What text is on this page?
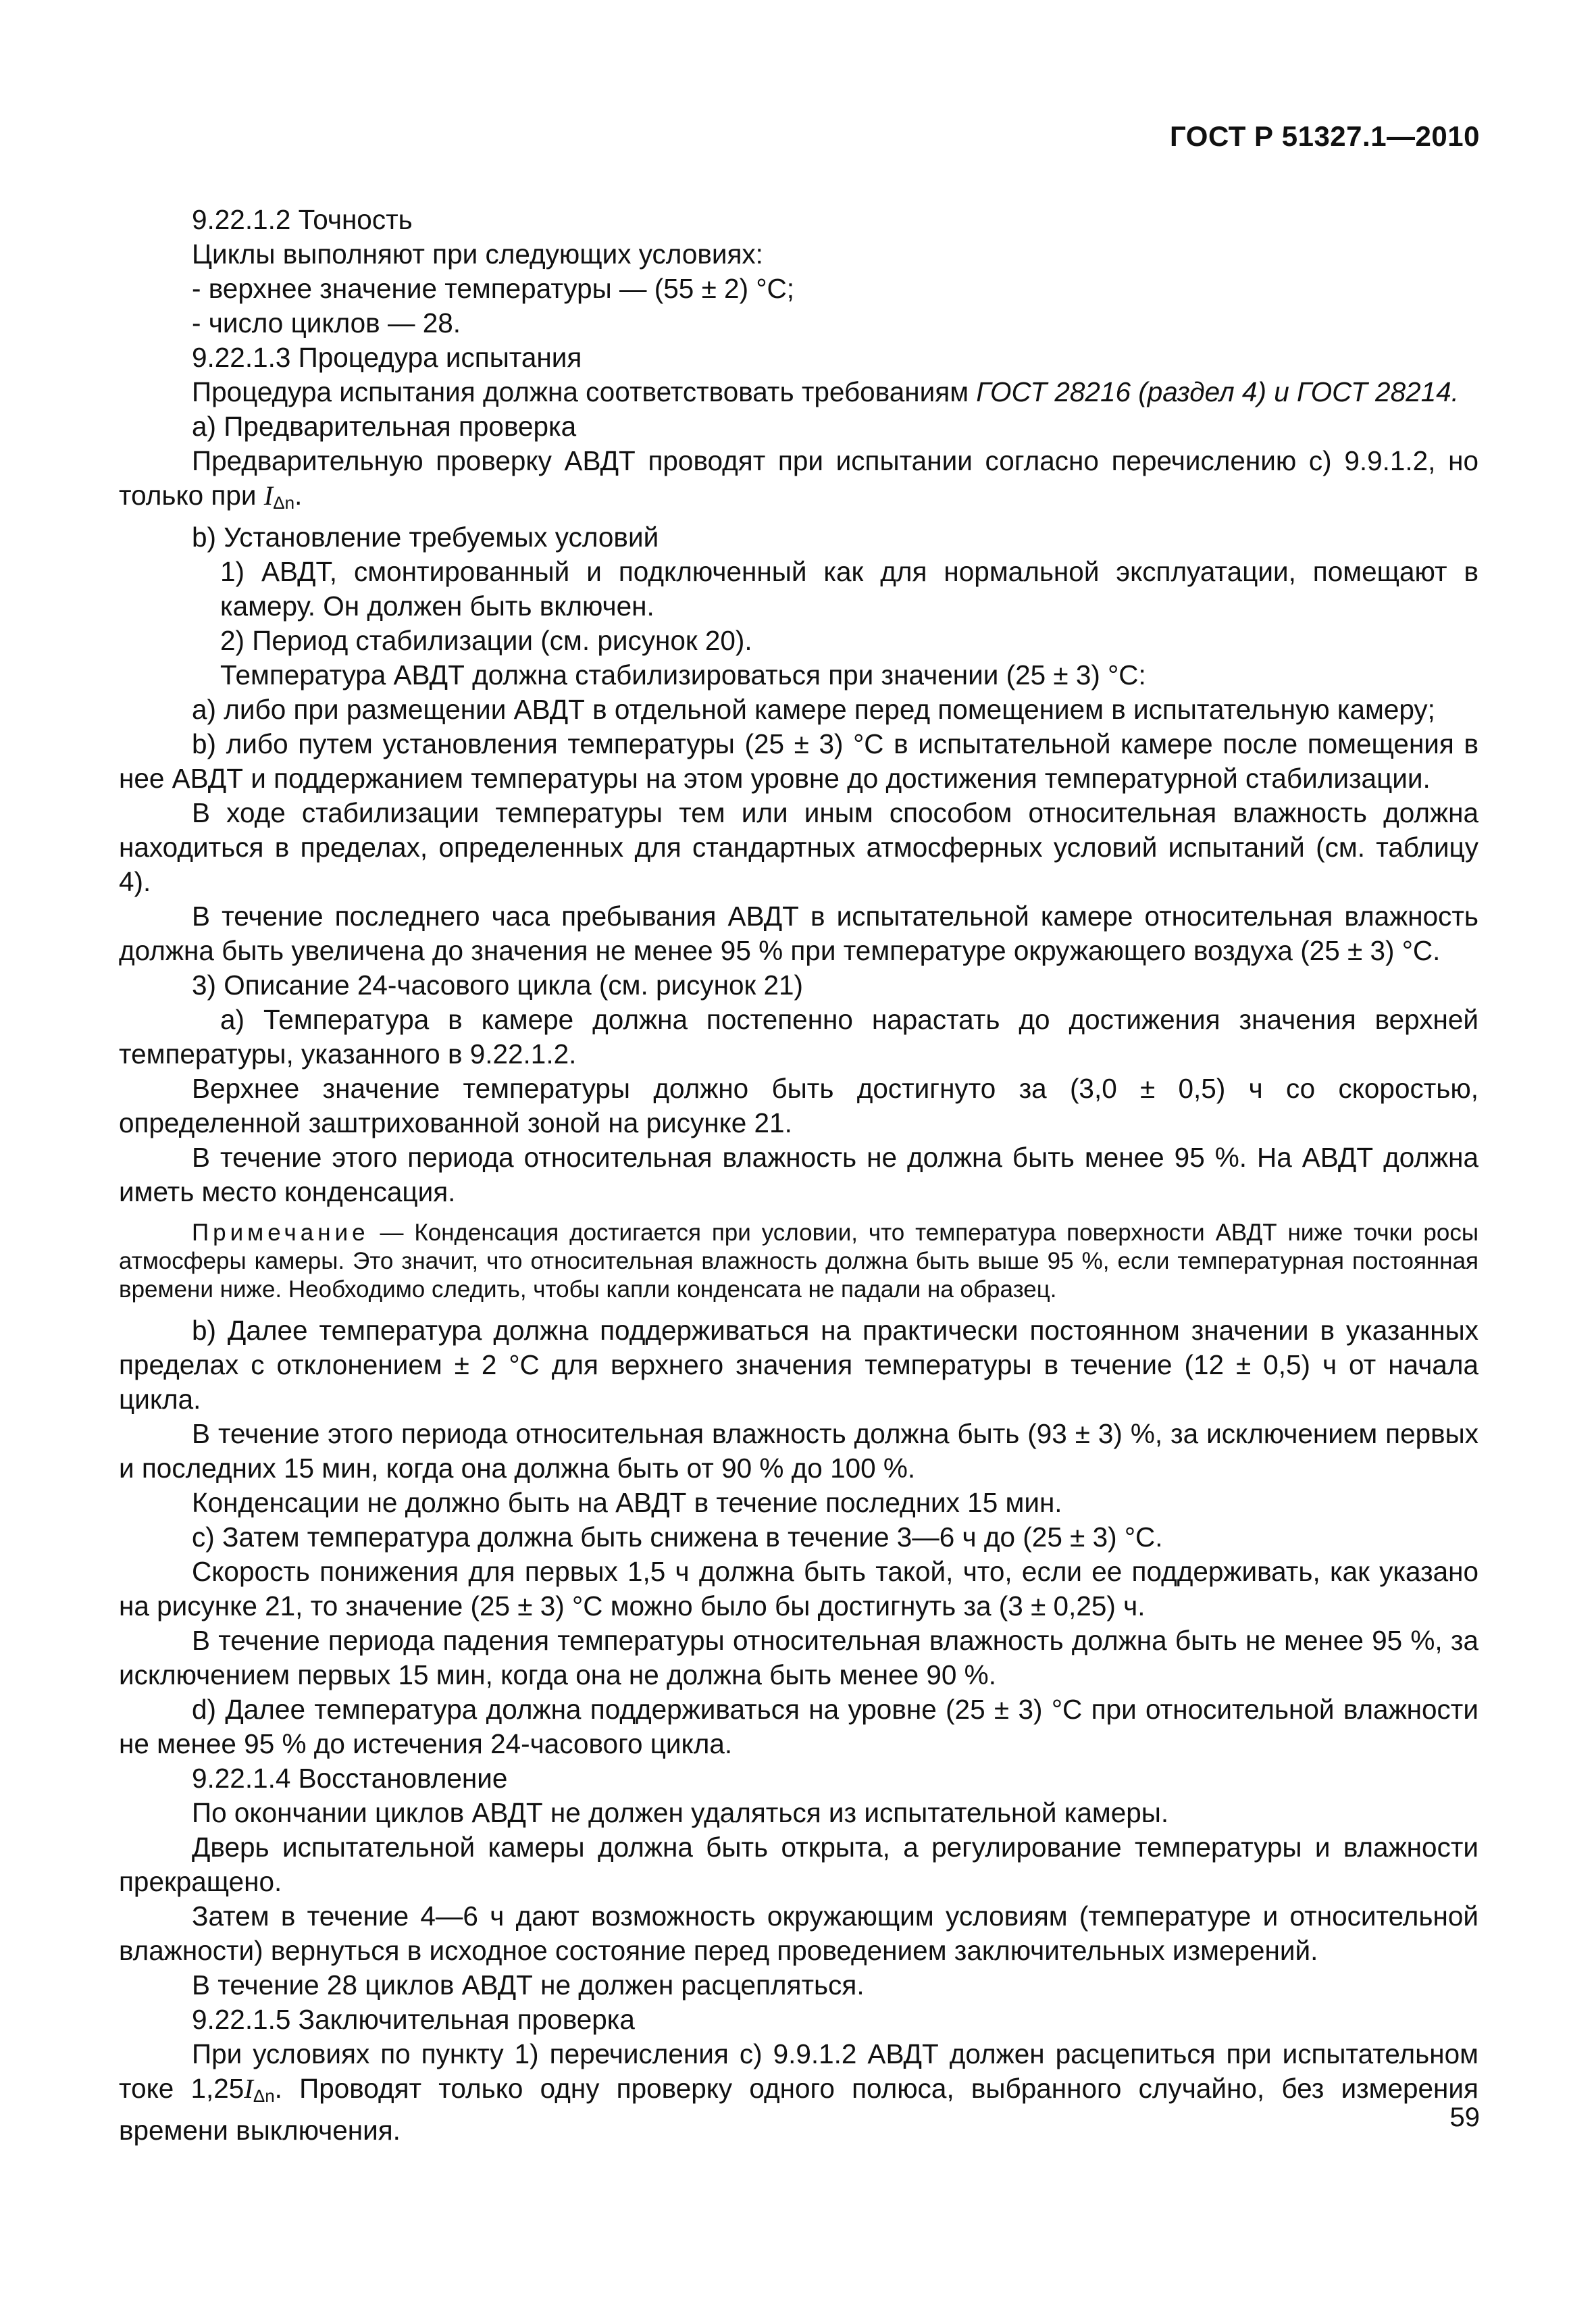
ГОСТ Р 51327.1—2010

9.22.1.2 Точность

Циклы выполняют при следующих условиях:

- верхнее значение температуры — (55 ± 2) °С;

- число циклов — 28.

9.22.1.3 Процедура испытания

Процедура испытания должна соответствовать требованиям ГОСТ 28216 (раздел 4) и ГОСТ 28214.

а) Предварительная проверка

Предварительную проверку АВДТ проводят при испытании согласно перечислению с) 9.9.1.2, но только при $I_{\Delta n}$.

b) Установление требуемых условий

1) АВДТ, смонтированный и подключенный как для нормальной эксплуатации, помещают в камеру. Он должен быть включен.

2) Период стабилизации (см. рисунок 20).

Температура АВДТ должна стабилизироваться при значении (25 ± 3) °С:

а) либо при размещении АВДТ в отдельной камере перед помещением в испытательную камеру;

b) либо путем установления температуры (25 ± 3) °С в испытательной камере после помещения в нее АВДТ и поддержанием температуры на этом уровне до достижения температурной стабилизации.

В ходе стабилизации температуры тем или иным способом относительная влажность должна находиться в пределах, определенных для стандартных атмосферных условий испытаний (см. таблицу 4).

В течение последнего часа пребывания АВДТ в испытательной камере относительная влажность должна быть увеличена до значения не менее 95 % при температуре окружающего воздуха (25 ± 3) °С.

3) Описание 24-часового цикла (см. рисунок 21)

а) Температура в камере должна постепенно нарастать до достижения значения верхней температуры, указанного в 9.22.1.2.

Верхнее значение температуры должно быть достигнуто за (3,0 ± 0,5) ч со скоростью, определенной заштрихованной зоной на рисунке 21.

В течение этого периода относительная влажность не должна быть менее 95 %. На АВДТ должна иметь место конденсация.

Примечание — Конденсация достигается при условии, что температура поверхности АВДТ ниже точки росы атмосферы камеры. Это значит, что относительная влажность должна быть выше 95 %, если температурная постоянная времени ниже. Необходимо следить, чтобы капли конденсата не падали на образец.

b) Далее температура должна поддерживаться на практически постоянном значении в указанных пределах с отклонением ± 2 °С для верхнего значения температуры в течение (12 ± 0,5) ч от начала цикла.

В течение этого периода относительная влажность должна быть (93 ± 3) %, за исключением первых и последних 15 мин, когда она должна быть от 90 % до 100 %.

Конденсации не должно быть на АВДТ в течение последних 15 мин.

с) Затем температура должна быть снижена в течение 3—6 ч до (25 ± 3) °С.

Скорость понижения для первых 1,5 ч должна быть такой, что, если ее поддерживать, как указано на рисунке 21, то значение (25 ± 3) °С можно было бы достигнуть за (3 ± 0,25) ч.

В течение периода падения температуры относительная влажность должна быть не менее 95 %, за исключением первых 15 мин, когда она не должна быть менее 90 %.

d) Далее температура должна поддерживаться на уровне (25 ± 3) °С при относительной влажности не менее 95 % до истечения 24-часового цикла.

9.22.1.4 Восстановление

По окончании циклов АВДТ не должен удаляться из испытательной камеры.

Дверь испытательной камеры должна быть открыта, а регулирование температуры и влажности прекращено.

Затем в течение 4—6 ч дают возможность окружающим условиям (температуре и относительной влажности) вернуться в исходное состояние перед проведением заключительных измерений.

В течение 28 циклов АВДТ не должен расцепляться.

9.22.1.5 Заключительная проверка

При условиях по пункту 1) перечисления с) 9.9.1.2 АВДТ должен расцепиться при испытательном токе $1,25I_{\Delta n}$. Проводят только одну проверку одного полюса, выбранного случайно, без измерения времени выключения.	59
